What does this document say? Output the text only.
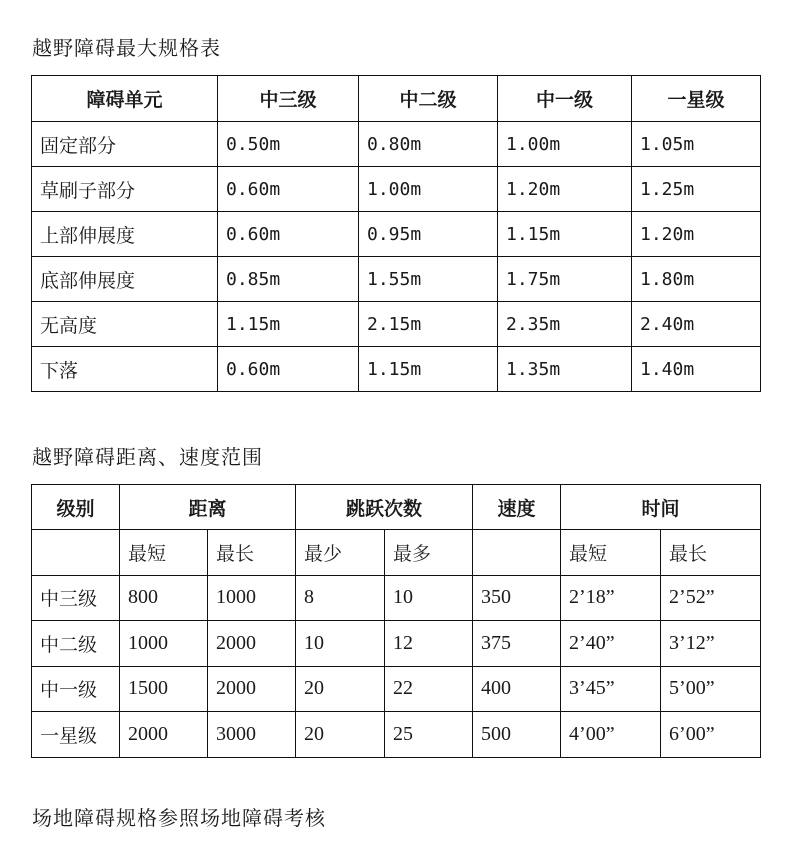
越野障碍最大规格表
障碍单元	中三级	中二级	中一级	一星级
固定部分	0.50m	0.80m	1.00m	1.05m
草刷子部分	0.60m	1.00m	1.20m	1.25m
上部伸展度	0.60m	0.95m	1.15m	1.20m
底部伸展度	0.85m	1.55m	1.75m	1.80m
无高度	1.15m	2.15m	2.35m	2.40m
下落	0.60m	1.15m	1.35m	1.40m
越野障碍距离、速度范围
级别	距离		跳跃次数		速度	时间	
	最短	最长	最少	最多		最短	最长
中三级	800	1000	8	10	350	2’18”	2’52”
中二级	1000	2000	10	12	375	2’40”	3’12”
中一级	1500	2000	20	22	400	3’45”	5’00”
一星级	2000	3000	20	25	500	4’00”	6’00”
场地障碍规格参照场地障碍考核
